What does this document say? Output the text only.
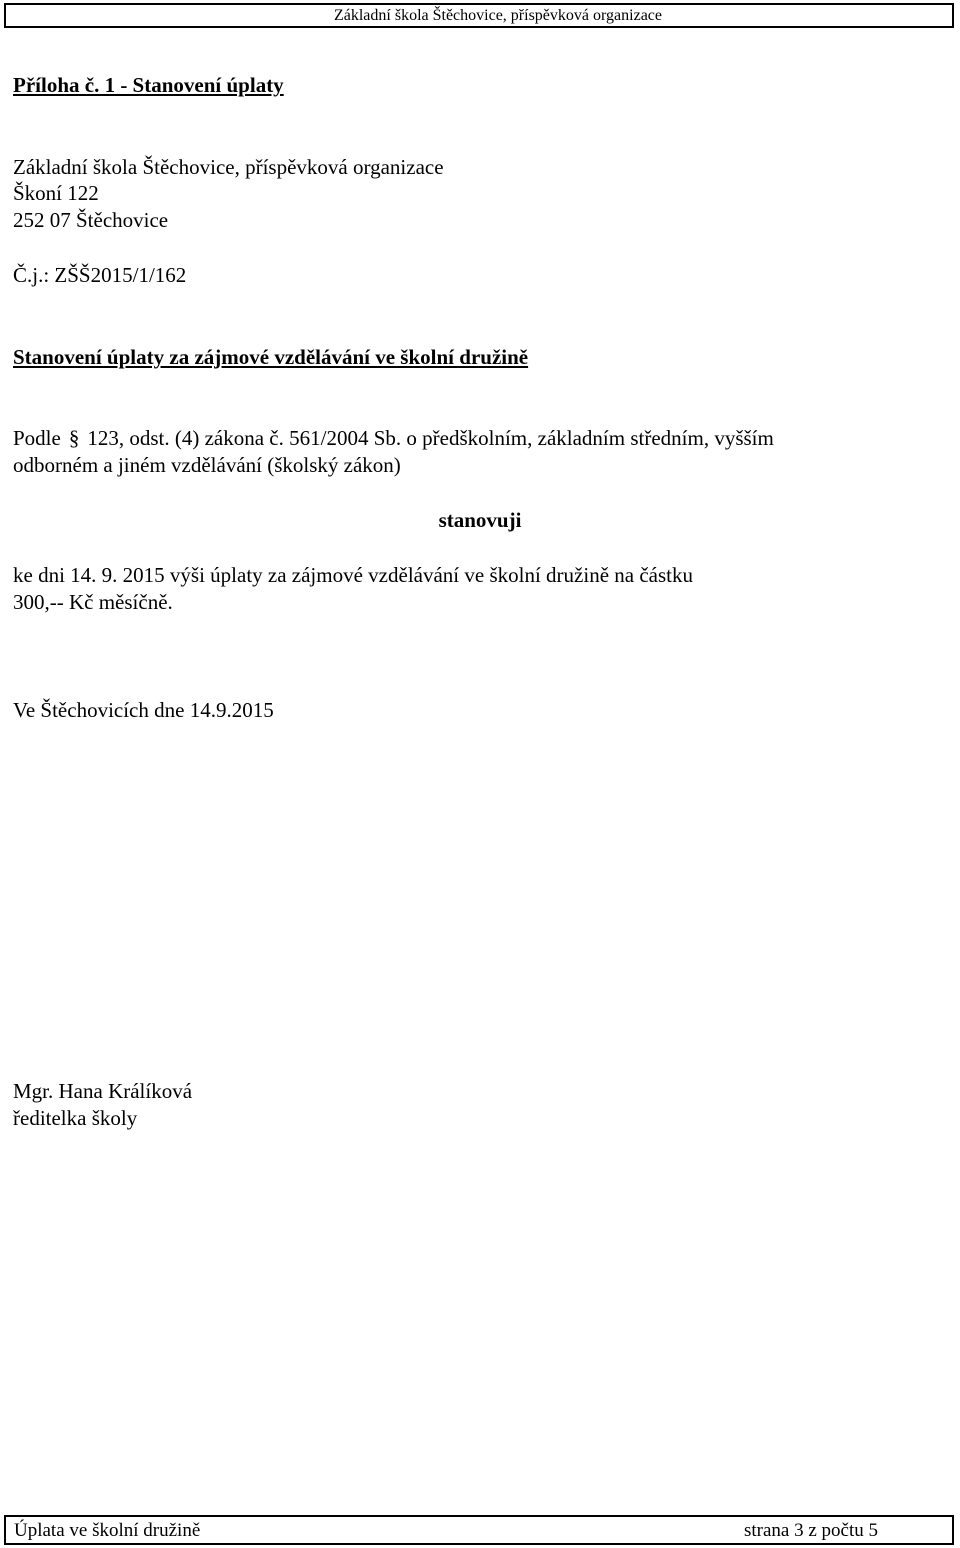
Základní škola Štěchovice, příspěvková organizace
Příloha č. 1 - Stanovení úplaty
Základní škola Štěchovice, příspěvková organizace
Škoní 122
252 07 Štěchovice
Č.j.: ZŠŠ2015/1/162
Stanovení úplaty za zájmové vzdělávání ve školní družině
Podle § 123, odst. (4) zákona č. 561/2004 Sb. o předškolním, základním středním, vyšším
odborném a jiném vzdělávání (školský zákon)
stanovuji
ke dni 14. 9. 2015 výši úplaty za zájmové vzdělávání ve školní družině na částku
300,-- Kč měsíčně.
Ve Štěchovicích dne 14.9.2015
Mgr. Hana Králíková
ředitelka školy
Úplata ve školní družině	strana 3 z počtu 5
